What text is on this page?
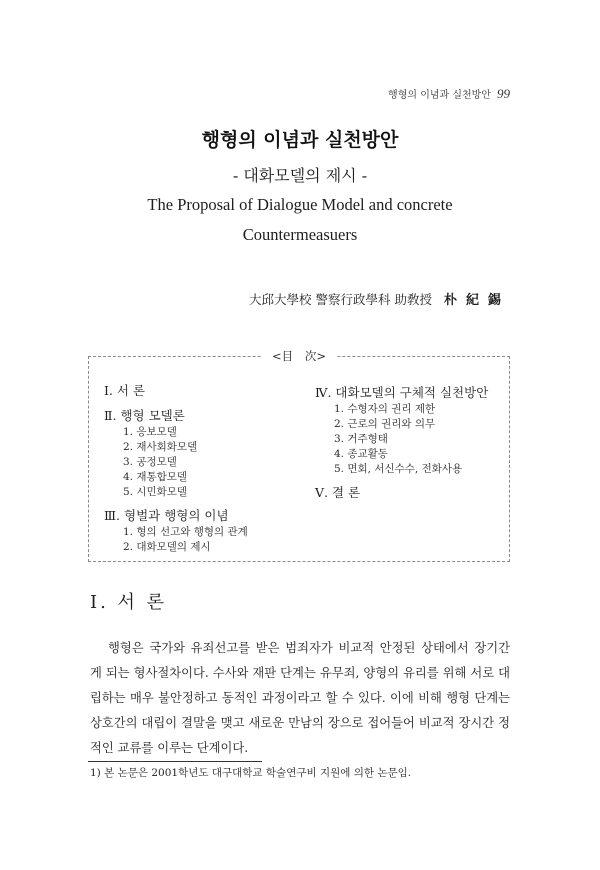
행형의 이념과 실천방안 99
행형의 이념과 실천방안
- 대화모델의 제시 -
The Proposal of Dialogue Model and concrete
Countermeasuers
大邱大學校 警察行政學科 助敎授 朴紀錫
<目 次>
Ⅰ. 서 론
Ⅱ. 행형 모델론
1. 응보모델
2. 재사회화모델
3. 공정모델
4. 재통합모델
5. 시민화모델
Ⅲ. 형벌과 행형의 이념
1. 형의 선고와 행형의 관계
2. 대화모델의 제시
Ⅳ. 대화모델의 구체적 실천방안
1. 수형자의 권리 제한
2. 근로의 권리와 의무
3. 거주형태
4. 종교활동
5. 면회, 서신수수, 전화사용
Ⅴ. 결 론
Ⅰ. 서 론
행형은 국가와 유죄선고를 받은 범죄자가 비교적 안정된 상태에서 장기간
게 되는 형사절차이다. 수사와 재판 단계는 유무죄, 양형의 유리를 위해 서로 대
립하는 매우 불안정하고 동적인 과정이라고 할 수 있다. 이에 비해 행형 단계는
상호간의 대립이 결말을 맺고 새로운 만남의 장으로 접어들어 비교적 장시간 정
적인 교류를 이루는 단계이다.
1) 본 논문은 2001학년도 대구대학교 학술연구비 지원에 의한 논문임.
